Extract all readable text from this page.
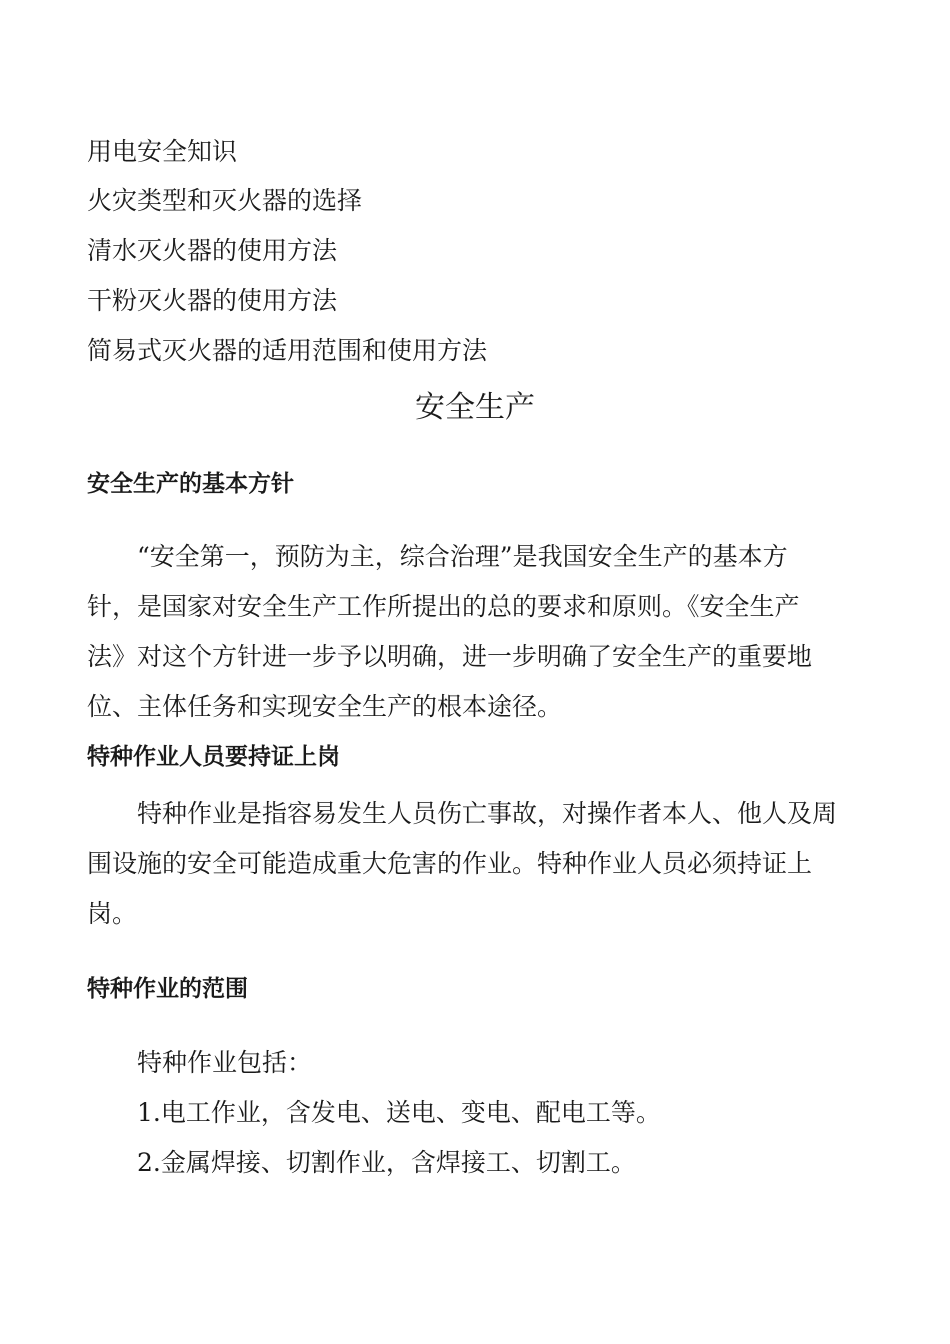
用电安全知识
火灾类型和灭火器的选择
清水灭火器的使用方法
干粉灭火器的使用方法
简易式灭火器的适用范围和使用方法
安全生产
安全生产的基本方针
“安全第一，预防为主，综合治理”是我国安全生产的基本方
针，是国家对安全生产工作所提出的总的要求和原则。《安全生产
法》对这个方针进一步予以明确，进一步明确了安全生产的重要地
位、主体任务和实现安全生产的根本途径。
特种作业人员要持证上岗
特种作业是指容易发生人员伤亡事故，对操作者本人、他人及周
围设施的安全可能造成重大危害的作业。特种作业人员必须持证上
岗。
特种作业的范围
特种作业包括：
1.电工作业，含发电、送电、变电、配电工等。
2.金属焊接、切割作业，含焊接工、切割工。
